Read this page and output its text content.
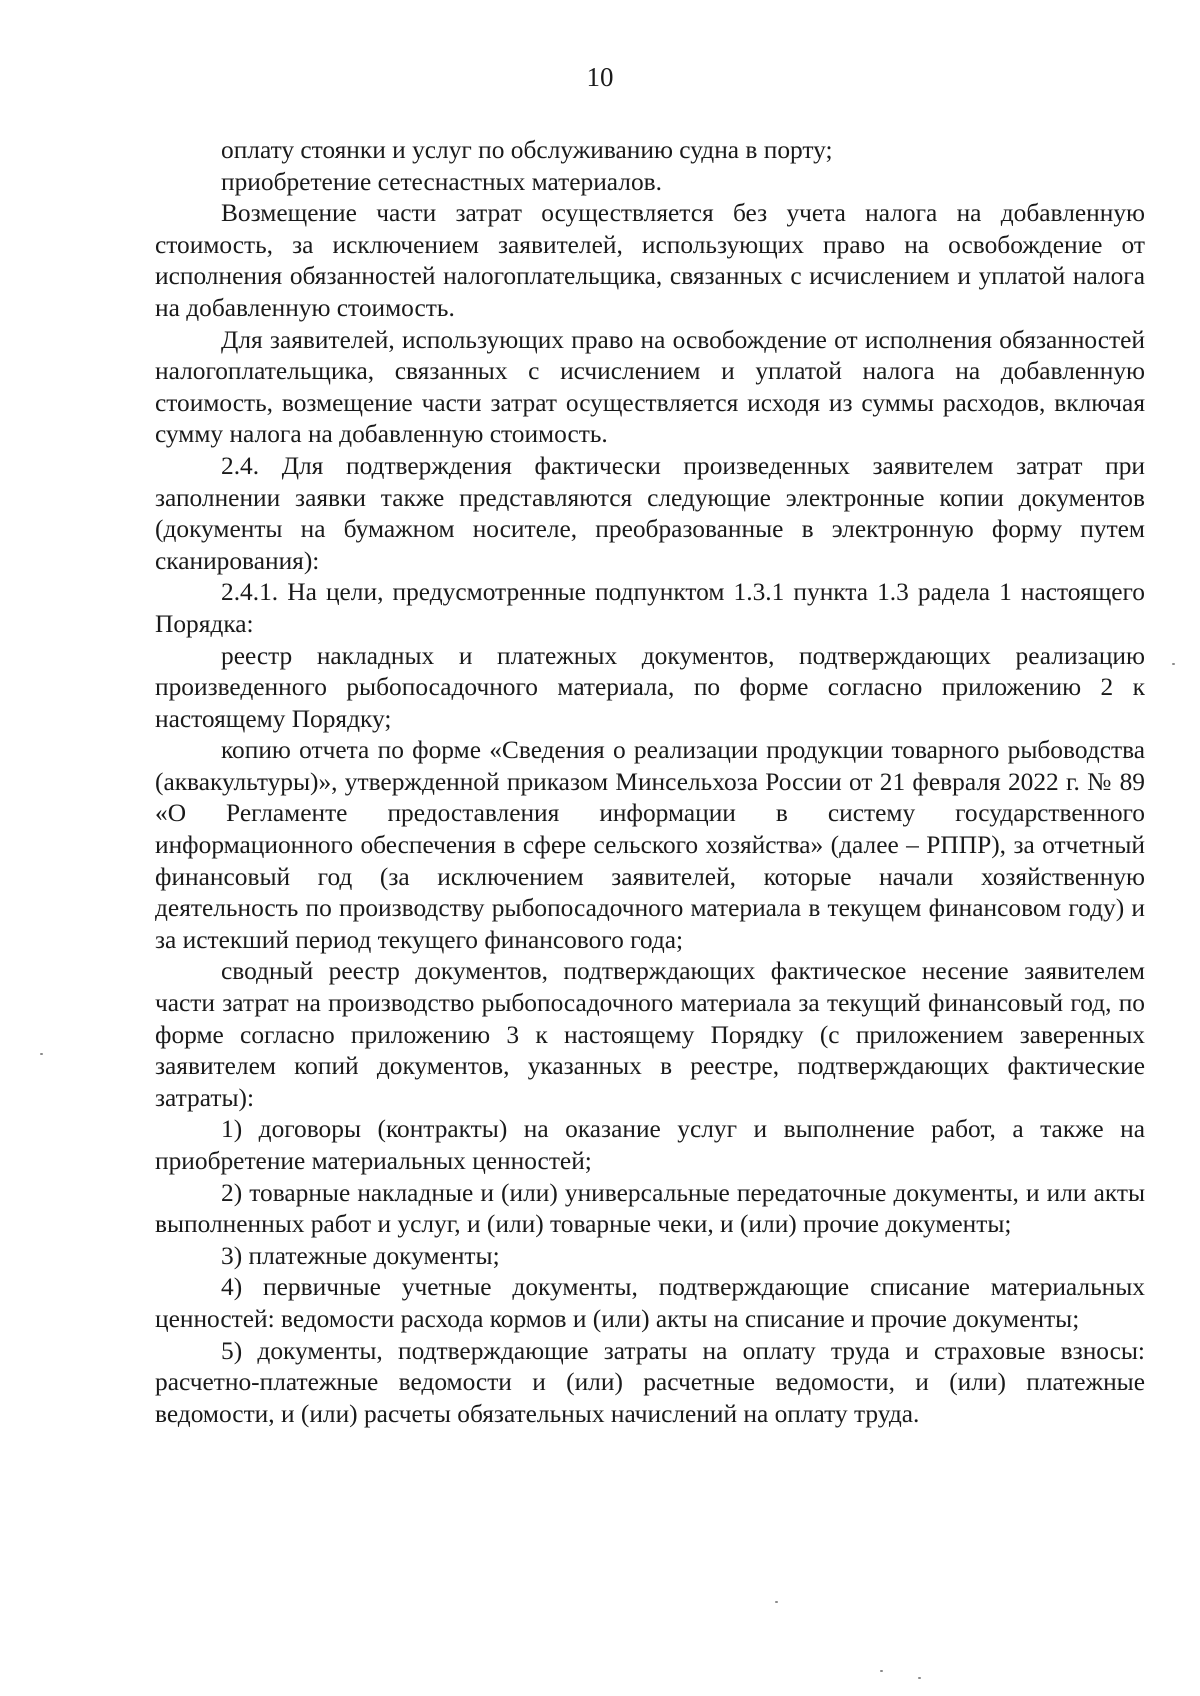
10

оплату стоянки и услуг по обслуживанию судна в порту;

приобретение сетеснастных материалов.

Возмещение части затрат осуществляется без учета налога на добавленную стоимость, за исключением заявителей, использующих право на освобождение от исполнения обязанностей налогоплательщика, связанных с исчислением и уплатой налога на добавленную стоимость.

Для заявителей, использующих право на освобождение от исполнения обязанностей налогоплательщика, связанных с исчислением и уплатой налога на добавленную стоимость, возмещение части затрат осуществляется исходя из суммы расходов, включая сумму налога на добавленную стоимость.

2.4. Для подтверждения фактически произведенных заявителем затрат при заполнении заявки также представляются следующие электронные копии документов (документы на бумажном носителе, преобразованные в электронную форму путем сканирования):

2.4.1. На цели, предусмотренные подпунктом 1.3.1 пункта 1.3 радела 1 настоящего Порядка:

реестр накладных и платежных документов, подтверждающих реализацию произведенного рыбопосадочного материала, по форме согласно приложению 2 к настоящему Порядку;

копию отчета по форме «Сведения о реализации продукции товарного рыбоводства (аквакультуры)», утвержденной приказом Минсельхоза России от 21 февраля 2022 г. № 89 «О Регламенте предоставления информации в систему государственного информационного обеспечения в сфере сельского хозяйства» (далее – РППР), за отчетный финансовый год (за исключением заявителей, которые начали хозяйственную деятельность по производству рыбопосадочного материала в текущем финансовом году) и за истекший период текущего финансового года;

сводный реестр документов, подтверждающих фактическое несение заявителем части затрат на производство рыбопосадочного материала за текущий финансовый год, по форме согласно приложению 3 к настоящему Порядку (с приложением заверенных заявителем копий документов, указанных в реестре, подтверждающих фактические затраты):

1) договоры (контракты) на оказание услуг и выполнение работ, а также на приобретение материальных ценностей;

2) товарные накладные и (или) универсальные передаточные документы, и или акты выполненных работ и услуг, и (или) товарные чеки, и (или) прочие документы;

3) платежные документы;

4) первичные учетные документы, подтверждающие списание материальных ценностей: ведомости расхода кормов и (или) акты на списание и прочие документы;

5) документы, подтверждающие затраты на оплату труда и страховые взносы: расчетно-платежные ведомости и (или) расчетные ведомости, и (или) платежные ведомости, и (или) расчеты обязательных начислений на оплату труда.
